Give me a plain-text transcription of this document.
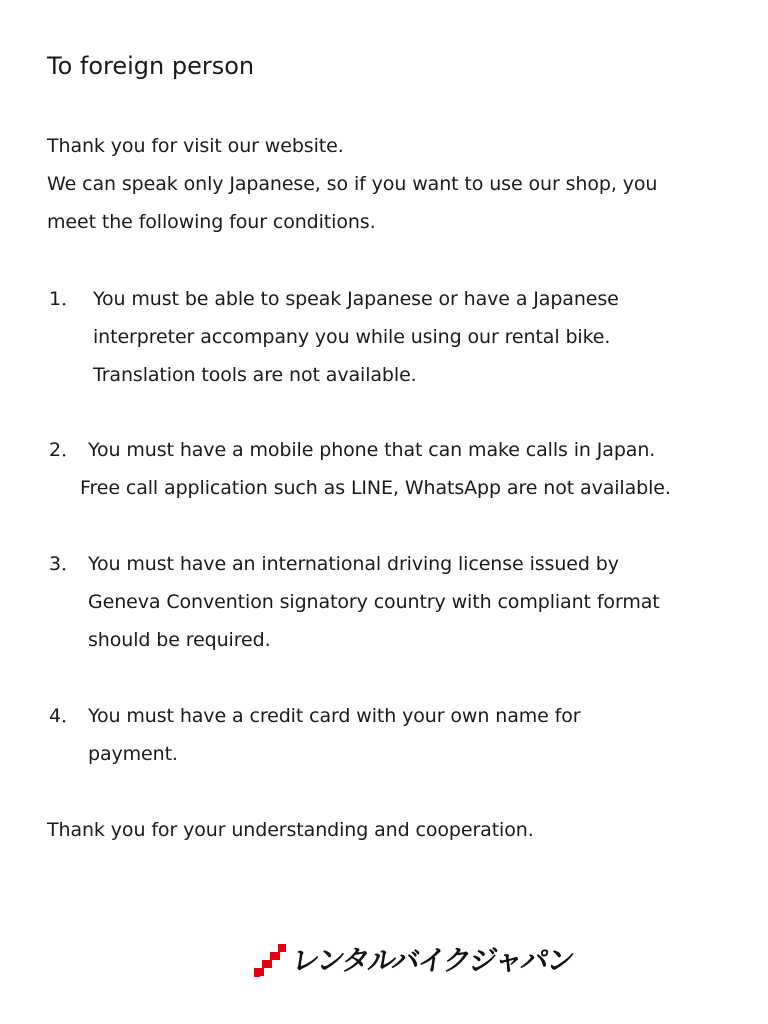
To foreign person
Thank you for visit our website.
We can speak only Japanese, so if you want to use our shop, you
meet the following four conditions.
1． You must be able to speak Japanese or have a Japanese
interpreter accompany you while using our rental bike.
Translation tools are not available.
2． You must have a mobile phone that can make calls in Japan.
Free call application such as LINE, WhatsApp are not available.
3． You must have an international driving license issued by
Geneva Convention signatory country with compliant format
should be required.
4． You must have a credit card with your own name for
payment.
Thank you for your understanding and cooperation.
レンタルバイクジャパン
